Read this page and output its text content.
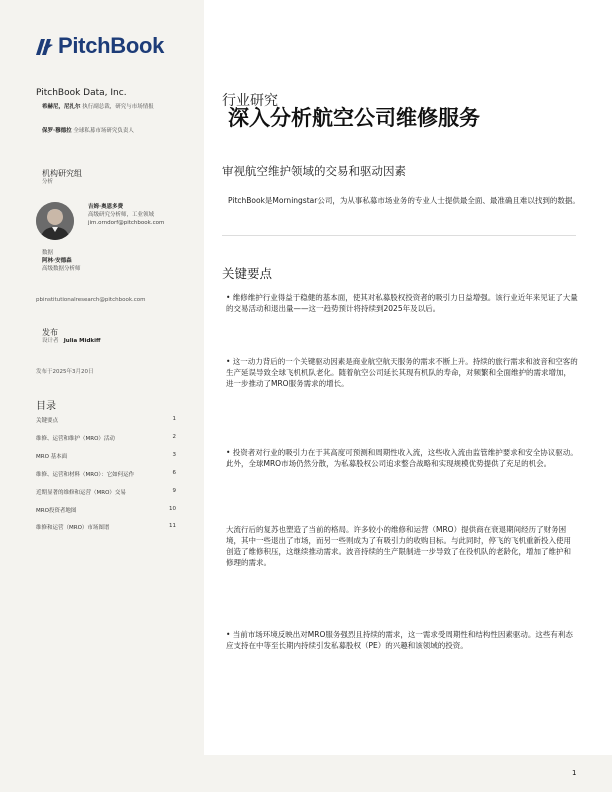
PitchBook
PitchBook Data, Inc.
希赫尼，尼扎尔 执行副总裁，研究与市场情报
保罗·穆德拉 全球私募市场研究负责人
机构研究组
分析
吉姆·奥恩多费
高级研究分析师，工业领域 jim.orndorf@pitchbook.com
数据
阿林·安德森
高级数据分析师
pbinstitutionalresearch@pitchbook.com
发布
设计者 Julia Midkiff
发布于2025年3月20日
目录
关键要点	1
维修、运营和维护（MRO）活动	2
MRO 基本面	3
维修、运营和材料（MRO）：它如何运作	6
近期显著的维修和运营（MRO）交易	9
MRO投资者地图	10
维修和运营（MRO）市场图谱	11
行业研究
深入分析航空公司维修服务
审视航空维护领域的交易和驱动因素
PitchBook是Morningstar公司，为从事私募市场业务的专业人士提供最全面、最准确且难以找到的数据。
关键要点
• 维修维护行业得益于稳健的基本面，使其对私募股权投资者的吸引力日益增强。该行业近年来见证了大量的交易活动和退出量——这一趋势预计将持续到2025年及以后。
• 这一动力背后的一个关键驱动因素是商业航空航天服务的需求不断上升。持续的旅行需求和波音和空客的生产延误导致全球飞机机队老化。随着航空公司延长其现有机队的寿命，对频繁和全面维护的需求增加，进一步推动了MRO服务需求的增长。
• 投资者对行业的吸引力在于其高度可预测和周期性收入流，这些收入流由监管维护要求和安全协议驱动。此外，全球MRO市场仍然分散，为私募股权公司追求整合战略和实现规模优势提供了充足的机会。
大流行后的复苏也塑造了当前的格局。许多较小的维修和运营（MRO）提供商在衰退期间经历了财务困境，其中一些退出了市场，而另一些则成为了有吸引力的收购目标。与此同时，停飞的飞机重新投入使用创造了维修积压，这继续推动需求。波音持续的生产限制进一步导致了在役机队的老龄化，增加了维护和修理的需求。
• 当前市场环境反映出对MRO服务强烈且持续的需求，这一需求受周期性和结构性因素驱动。这些有利态应支持在中等至长期内持续引发私募股权（PE）的兴趣和该领域的投资。
1
